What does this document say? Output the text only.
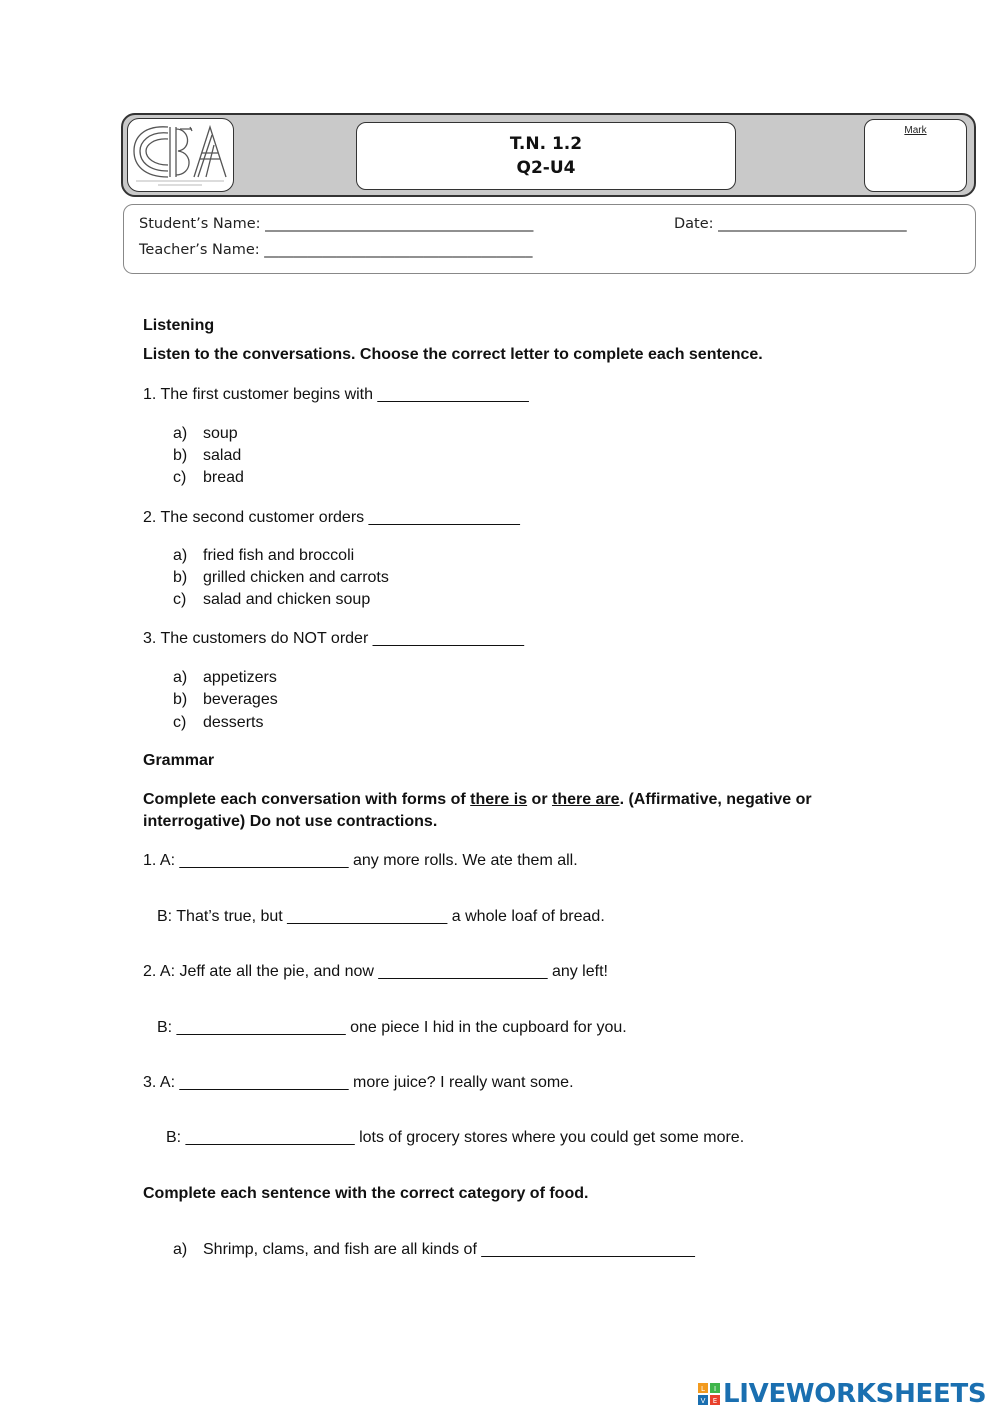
T.N. 1.2
Q2-U4
Mark
Student’s Name: _____________________________________	Date: __________________________
Teacher’s Name: _____________________________________
Listening
Listen to the conversations. Choose the correct letter to complete each sentence.
1. The first customer begins with _________________
a) soup
b) salad
c) bread
2. The second customer orders _________________
a) fried fish and broccoli
b) grilled chicken and carrots
c) salad and chicken soup
3. The customers do NOT order _________________
a) appetizers
b) beverages
c) desserts
Grammar
Complete each conversation with forms of there is or there are. (Affirmative, negative or
interrogative) Do not use contractions.
1. A: ___________________ any more rolls. We ate them all.
B: That’s true, but __________________ a whole loaf of bread.
2. A: Jeff ate all the pie, and now ___________________ any left!
B: ___________________ one piece I hid in the cupboard for you.
3. A: ___________________ more juice? I really want some.
B: ___________________ lots of grocery stores where you could get some more.
Complete each sentence with the correct category of food.
a) Shrimp, clams, and fish are all kinds of ________________________
L I
V E LIVEWORKSHEETS
